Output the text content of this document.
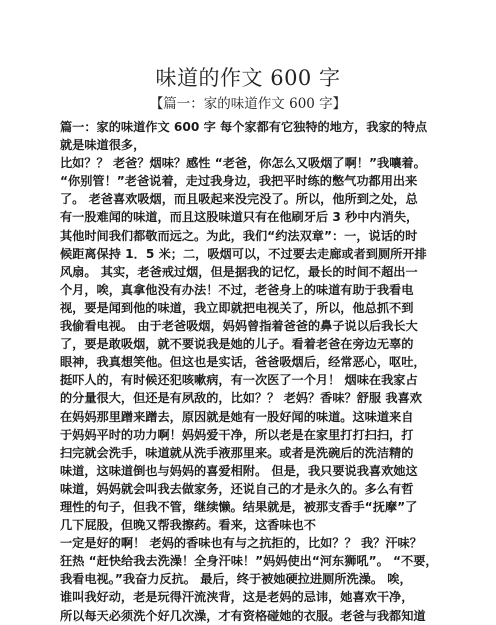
味道的作文 600 字

【篇一：家的味道作文 600 字】

篇一：家的味道作文 600 字 每个家都有它独特的地方，我家的特点
就是味道很多，
比如？？ 老爸？烟味？感性 “老爸，你怎么又吸烟了啊！”我嚷着。
“你别管！”老爸说着，走过我身边，我把平时练的憋气功都用出来
了。 老爸喜欢吸烟，而且吸起来没完没了。所以，他所到之处，总
有一股难闻的味道，而且这股味道只有在他刷牙后 3 秒中内消失，
其他时间我们都敬而远之。为此，我们“约法双章”：一，说话的时
候距离保持 1．5 米；二，吸烟可以，不过要去走廊或者到厕所开排
风扇。 其实，老爸戒过烟，但是据我的记忆，最长的时间不超出一
个月，唉，真拿他没有办法！不过，老爸身上的味道有助于我看电
视，要是闻到他的味道，我立即就把电视关了，所以，他总抓不到
我偷看电视。 由于老爸吸烟，妈妈曾指着爸爸的鼻子说以后我长大
了，要是敢吸烟，就不要说我是她的儿子。看着老爸在旁边无辜的
眼神，我真想笑他。但这也是实话，爸爸吸烟后，经常恶心，呕吐，
挺吓人的，有时候还犯咳嗽病，有一次医了一个月！ 烟味在我家占
的分量很大，但还是有夙敌的，比如？？ 老妈？香味？舒服 我喜欢
在妈妈那里蹭来蹭去，原因就是她有一股好闻的味道。这味道来自
于妈妈平时的功力啊！妈妈爱干净，所以老是在家里打打扫扫，打
扫完就会洗手，味道就从洗手液那里来。或者是洗碗后的洗洁精的
味道，这味道倒也与妈妈的喜爱相附。 但是，我只要说我喜欢她这
味道，妈妈就会叫我去做家务，还说自己的才是永久的。多么有哲
理性的句子，但我不管，继续懒。结果就是，被那支香手“抚摩”了
几下屁股，但晚又帮我擦药。看来，这香味也不
一定是好的啊！ 老妈的香味也有与之抗拒的，比如？？ 我？汗味？
狂热 “赶快给我去洗澡！全身汗味！”妈妈使出“河东狮吼”。 “不要，
我看电视。”我奋力反抗。 最后，终于被她硬拉进厕所洗澡。 唉，
谁叫我好动，老是玩得汗流浃背，这是老妈的忌讳，她喜欢干净，
所以每天必须洗个好几次澡，才有资格碰她的衣服。老爸与我都知道
